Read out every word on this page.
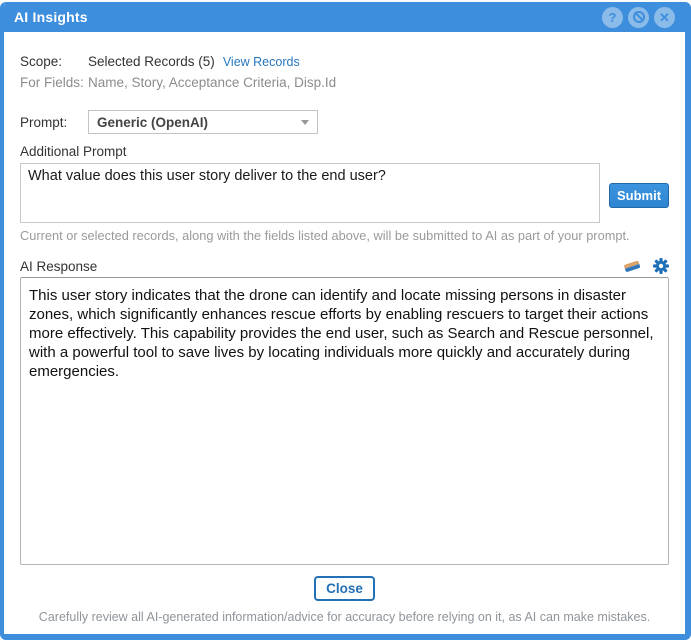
AI Insights	?	✕
Scope:	Selected Records (5) View Records
For Fields: Name, Story, Acceptance Criteria, Disp.Id
Prompt:	Generic (OpenAI)
Additional Prompt
What value does this user story deliver to the end user?
Submit
Current or selected records, along with the fields listed above, will be submitted to AI as part of your prompt.
AI Response
This user story indicates that the drone can identify and locate missing persons in disaster zones, which significantly enhances rescue efforts by enabling rescuers to target their actions more effectively. This capability provides the end user, such as Search and Rescue personnel, with a powerful tool to save lives by locating individuals more quickly and accurately during emergencies.
Close
Carefully review all AI-generated information/advice for accuracy before relying on it, as AI can make mistakes.
